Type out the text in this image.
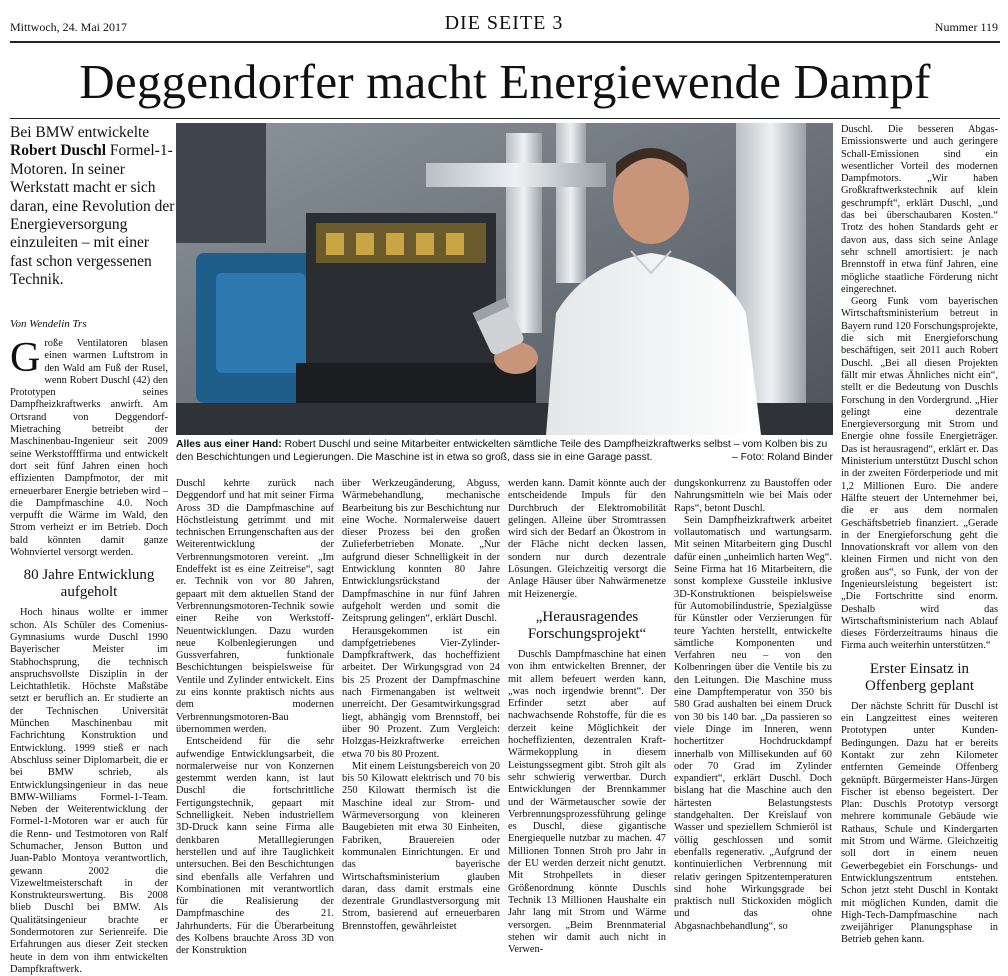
Mittwoch, 24. Mai 2017	DIE SEITE 3	Nummer 119
Deggendorfer macht Energiewende Dampf
Bei BMW entwickelte Robert Duschl Formel-1-Motoren. In seiner Werkstatt macht er sich daran, eine Revolution der Energieversorgung einzuleiten – mit einer fast schon vergessenen Technik.
Von Wendelin Trs
Alles aus einer Hand: Robert Duschl und seine Mitarbeiter entwickelten sämtliche Teile des Dampfheizkraftwerks selbst – vom Kolben bis zu den Beschichtungen und Legierungen. Die Maschine ist in etwa so groß, dass sie in eine Garage passt.	– Foto: Roland Binder

Große Ventilatoren blasen einen warmen Luftstrom in den Wald am Fuß der Rusel, wenn Robert Duschl (42) den Prototypen seines Dampfheizkraftwerks anwirft. Am Ortsrand von Deggendorf-Mietraching betreibt der Maschinenbau-Ingenieur seit 2009 seine Werkstoffffirma und entwickelt dort seit fünf Jahren einen hoch effizienten Dampfmotor, der mit erneuerbarer Energie betrieben wird – die Dampfmaschine 4.0. Noch verpufft die Wärme im Wald, den Strom verheizt er im Betrieb. Doch bald könnten damit ganze Wohnviertel versorgt werden.

80 Jahre Entwicklung aufgeholt

Hoch hinaus wollte er immer schon. Als Schüler des Comenius-Gymnasiums wurde Duschl 1990 Bayerischer Meister im Stabhochsprung, die technisch anspruchsvollste Disziplin in der Leichtathletik. Höchste Maßstäbe setzt er beruflich an. Er studierte an der Technischen Universität München Maschinenbau mit Fachrichtung Konstruktion und Entwicklung. 1999 stieß er nach Abschluss seiner Diplomarbeit, die er bei BMW schrieb, als Entwicklungsingenieur in das neue BMW-Williams Formel-1-Team. Neben der Weiterentwicklung der Formel-1-Motoren war er auch für die Renn- und Testmotoren von Ralf Schumacher, Jenson Button und Juan-Pablo Montoya verantwortlich, gewann 2002 die Vizeweltmeisterschaft in der Konstrukteurswertung. Bis 2008 blieb Duschl bei BMW. Als Qualitätsingenieur brachte er Sondermotoren zur Serienreife. Die Erfahrungen aus dieser Zeit stecken heute in dem von ihm entwickelten Dampfkraftwerk.

Duschl kehrte zurück nach Deggendorf und hat mit seiner Firma Aross 3D die Dampfmaschine auf Höchstleistung getrimmt und mit technischen Errungenschaften aus der Weiterentwicklung der Verbrennungsmotoren vereint. „Im Endeffekt ist es eine Zeitreise“, sagt er. Technik von vor 80 Jahren, gepaart mit dem aktuellen Stand der Verbrennungsmotoren-Technik sowie einer Reihe von Werkstoff-Neuentwicklungen. Dazu wurden neue Kolbenlegierungen und Gussverfahren, funktionale Beschichtungen beispielsweise für Ventile und Zylinder entwickelt. Eins zu eins konnte praktisch nichts aus dem modernen Verbrennungsmotoren-Bau übernommen werden.

Entscheidend für die sehr aufwendige Entwicklungsarbeit, die normalerweise nur von Konzernen gestemmt werden kann, ist laut Duschl die fortschrittliche Fertigungstechnik, gepaart mit Schnelligkeit. Neben industriellem 3D-Druck kann seine Firma alle denkbaren Metalllegierungen herstellen und auf ihre Tauglichkeit untersuchen. Bei den Beschichtungen sind ebenfalls alle Verfahren und Kombinationen mit verantwortlich für die Realisierung der Dampfmaschine des 21. Jahrhunderts. Für die Überarbeitung des Kolbens brauchte Aross 3D von der Konstruktion

über Werkzeugänderung, Abguss, Wärmebehandlung, mechanische Bearbeitung bis zur Beschichtung nur eine Woche. Normalerweise dauert dieser Prozess bei den großen Zulieferbetrieben Monate. „Nur aufgrund dieser Schnelligkeit in der Entwicklung konnten 80 Jahre Entwicklungsrückstand der Dampfmaschine in nur fünf Jahren aufgeholt werden und somit die Zeitsprung gelingen“, erklärt Duschl.

Herausgekommen ist ein dampfgetriebenes Vier-Zylinder-Dampfkraftwerk, das hocheffizient arbeitet. Der Wirkungsgrad von 24 bis 25 Prozent der Dampfmaschine nach Firmenangaben ist weltweit unerreicht. Der Gesamtwirkungsgrad liegt, abhängig vom Brennstoff, bei über 90 Prozent. Zum Vergleich: Holzgas-Heizkraftwerke erreichen etwa 70 bis 80 Prozent.

Mit einem Leistungsbereich von 20 bis 50 Kilowatt elektrisch und 70 bis 250 Kilowatt thermisch ist die Maschine ideal zur Strom- und Wärmeversorgung von kleineren Baugebieten mit etwa 30 Einheiten, Fabriken, Brauereien oder kommunalen Einrichtungen. Er und das bayerische Wirtschaftsministerium glauben daran, dass damit erstmals eine dezentrale Grundlastversorgung mit Strom, basierend auf erneuerbaren Brennstoffen, gewährleistet

werden kann. Damit könnte auch der entscheidende Impuls für den Durchbruch der Elektromobilität gelingen. Alleine über Stromtrassen wird sich der Bedarf an Ökostrom in der Fläche nicht decken lassen, sondern nur durch dezentrale Lösungen. Gleichzeitig versorgt die Anlage Häuser über Nahwärmenetze mit Heizenergie.

„Herausragendes Forschungsprojekt“

Duschls Dampfmaschine hat einen von ihm entwickelten Brenner, der mit allem befeuert werden kann, „was noch irgendwie brennt“. Der Erfinder setzt aber auf nachwachsende Rohstoffe, für die es derzeit keine Möglichkeit der hocheffizienten, dezentralen Kraft-Wärmekopplung in diesem Leistungssegment gibt. Stroh gilt als sehr schwierig verwertbar. Durch Entwicklungen der Brennkammer und der Wärmetauscher sowie der Verbrennungsprozessführung gelinge es Duschl, diese gigantische Energiequelle nutzbar zu machen. 47 Millionen Tonnen Stroh pro Jahr in der EU werden derzeit nicht genutzt. Mit Strohpellets in dieser Größenordnung könnte Duschls Technik 13 Millionen Haushalte ein Jahr lang mit Strom und Wärme versorgen. „Beim Brennmaterial stehen wir damit auch nicht in Verwen-

dungskonkurrenz zu Baustoffen oder Nahrungsmitteln wie bei Mais oder Raps“, betont Duschl.

Sein Dampfheizkraftwerk arbeitet vollautomatisch und wartungsarm. Mit seinen Mitarbeitern ging Duschl dafür einen „unheimlich harten Weg“. Seine Firma hat 16 Mitarbeitern, die sonst komplexe Gussteile inklusive 3D-Konstruktionen beispielsweise für Automobilindustrie, Spezialgüsse für Künstler oder Verzierungen für teure Yachten herstellt, entwickelte sämtliche Komponenten und Verfahren neu – von den Kolbenringen über die Ventile bis zu den Leitungen. Die Maschine muss eine Dampftemperatur von 350 bis 580 Grad aushalten bei einem Druck von 30 bis 140 bar. „Da passieren so viele Dinge im Inneren, wenn hochertitzer Hochdruckdampf innerhalb von Millisekunden auf 60 oder 70 Grad im Zylinder expandiert“, erklärt Duschl. Doch bislang hat die Maschine auch den härtesten Belastungstests standgehalten. Der Kreislauf von Wasser und speziellem Schmieröl ist völlig geschlossen und somit ebenfalls regenerativ. „Aufgrund der kontinuierlichen Verbrennung mit relativ geringen Spitzentemperaturen sind hohe Wirkungsgrade bei praktisch null Stickoxiden möglich und das ohne Abgasnachbehandlung“, so

Duschl. Die besseren Abgas-Emissionswerte und auch geringere Schall-Emissionen sind ein wesentlicher Vorteil des modernen Dampfmotors. „Wir haben Großkraftwerkstechnik auf klein geschrumpft“, erklärt Duschl, „und das bei überschaubaren Kosten.“ Trotz des hohen Standards geht er davon aus, dass sich seine Anlage sehr schnell amortisiert: je nach Brennstoff in etwa fünf Jahren, eine mögliche staatliche Förderung nicht eingerechnet.

Georg Funk vom bayerischen Wirtschaftsministerium betreut in Bayern rund 120 Forschungsprojekte, die sich mit Energieforschung beschäftigen, seit 2011 auch Robert Duschl. „Bei all diesen Projekten fällt mir etwas Ähnliches nicht ein“, stellt er die Bedeutung von Duschls Forschung in den Vordergrund. „Hier gelingt eine dezentrale Energieversorgung mit Strom und Energie ohne fossile Energieträger. Das ist herausragend“, erklärt er. Das Ministerium unterstützt Duschl schon in der zweiten Förderperiode und mit 1,2 Millionen Euro. Die andere Hälfte steuert der Unternehmer bei, die er aus dem normalen Geschäftsbetrieb finanziert. „Gerade in der Energieforschung geht die Innovationskraft vor allem von den kleinen Firmen und nicht von den großen aus“, so Funk, der von der Ingenieursleistung begeistert ist: „Die Fortschritte sind enorm. Deshalb wird das Wirtschaftsministerium nach Ablauf dieses Förderzeitraums hinaus die Firma auch weiterhin unterstützen.“

Erster Einsatz in Offenberg geplant

Der nächste Schritt für Duschl ist ein Langzeittest eines weiteren Prototypen unter Kunden-Bedingungen. Dazu hat er bereits Kontakt zur zehn Kilometer entfernten Gemeinde Offenberg geknüpft. Bürgermeister Hans-Jürgen Fischer ist ebenso begeistert. Der Plan: Duschls Prototyp versorgt mehrere kommunale Gebäude wie Rathaus, Schule und Kindergarten mit Strom und Wärme. Gleichzeitig soll dort in einem neuen Gewerbegebiet ein Forschungs- und Entwicklungszentrum entstehen. Schon jetzt steht Duschl in Kontakt mit möglichen Kunden, damit die High-Tech-Dampfmaschine nach zweijähriger Planungsphase in Betrieb gehen kann.
